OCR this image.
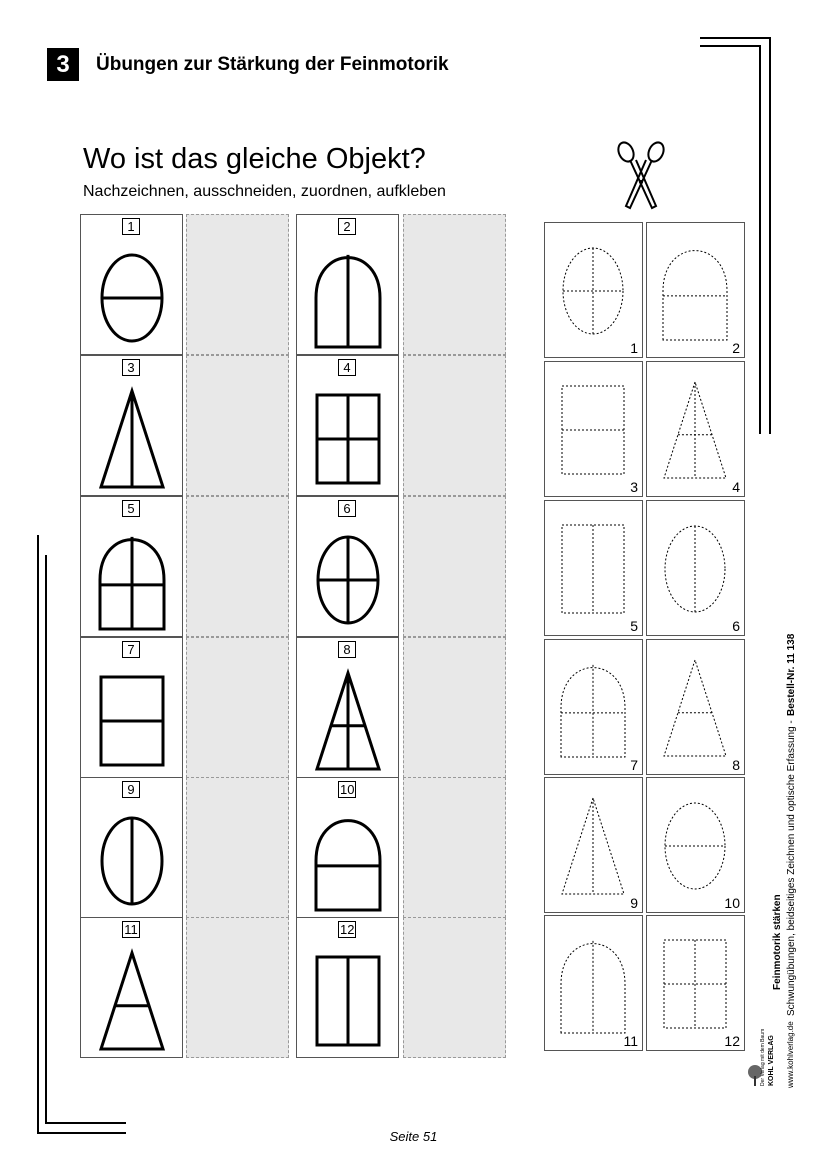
3	Übungen zur Stärkung der Feinmotorik
Wo ist das gleiche Objekt?
Nachzeichnen, ausschneiden, zuordnen, aufkleben
1	2
3	4
5	6
7	8
9	10
11	12
1	2
3	4
5	6
7	8
9	10
11	12
Bestell-Nr. 11 138
Schwungübungen, beidseitiges Zeichnen und optische Erfassung -
Feinmotorik stärken
www.kohlverlag.de
KOHL VERLAG
Der Verlag mit dem Baum
Seite 51
